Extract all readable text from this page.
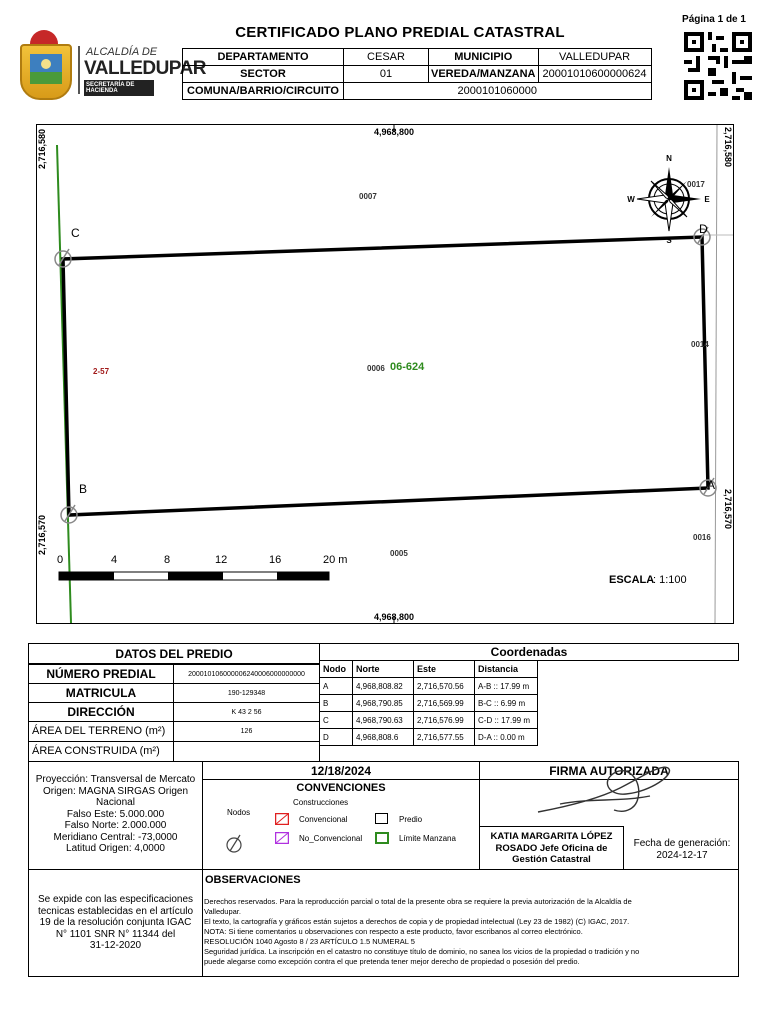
ALCALDÍA DE
VALLEDUPAR
SECRETARÍA DE HACIENDA
CERTIFICADO PLANO PREDIAL CATASTRAL
Página 1 de 1
DEPARTAMENTO	CESAR	MUNICIPIO	VALLEDUPAR
SECTOR	01	VEREDA/MANZANA	20001010600000624
COMUNA/BARRIO/CIRCUITO	2000101060000		
N
S
E
W
4,968,800
4,968,800
2,716,580
2,716,570
2,716,580
2,716,570
C	D
A
B
0007
0017
0006 06-624
0014
0016
0005
2-57
0	4	8	12	16	20 m
ESCALA
: 1:100
DATOS DEL PREDIO	Coordenadas
NÚMERO PREDIAL	200010106000006240006000000000
MATRICULA	190-129348
DIRECCIÓN	K 43 2 56
ÁREA DEL TERRENO (m²)	126
ÁREA CONSTRUIDA (m²)
Nodo	Norte	Este	Distancia
A	4,968,808.82	2,716,570.56	A-B :: 17.99 m
B	4,968,790.85	2,716,569.99	B-C :: 6.99 m
C	4,968,790.63	2,716,576.99	C-D :: 17.99 m
D	4,968,808.6	2,716,577.55	D-A :: 0.00 m
Proyección: Transversal de Mercato
Origen: MAGNA SIRGAS Origen
Nacional
Falso Este: 5.000.000
Falso Norte: 2.000.000
Meridiano Central: -73,0000
Latitud Origen: 4,0000
12/18/2024
CONVENCIONES
Construcciones
Nodos
Convencional
No_Convencional
Predio
Límite Manzana
FIRMA AUTORIZADA
KATIA MARGARITA LÓPEZ
ROSADO Jefe Oficina de
Gestión Catastral
Fecha de generación:
2024-12-17
Se expide con las especificaciones
tecnicas establecidas en el artículo
19 de la resolución conjunta IGAC
N° 1101 SNR N° 11344 del
31-12-2020
OBSERVACIONES
Derechos reservados. Para la reproducción parcial o total de la presente obra se requiere la previa autorización de la Alcaldía de
Valledupar.
El texto, la cartografía y gráficos están sujetos a derechos de copia y de propiedad intelectual (Ley 23 de 1982) (C) IGAC, 2017.
NOTA: Si tiene comentarios u observaciones con respecto a este producto, favor escribanos al correo electrónico.
RESOLUCIÓN 1040 Agosto 8 / 23 ARTÍCULO 1.5 NUMERAL 5
Seguridad jurídica. La inscripción en el catastro no constituye título de dominio, no sanea los vicios de la propiedad o tradición y no
puede alegarse como excepción contra el que pretenda tener mejor derecho de propiedad o posesión del predio.
